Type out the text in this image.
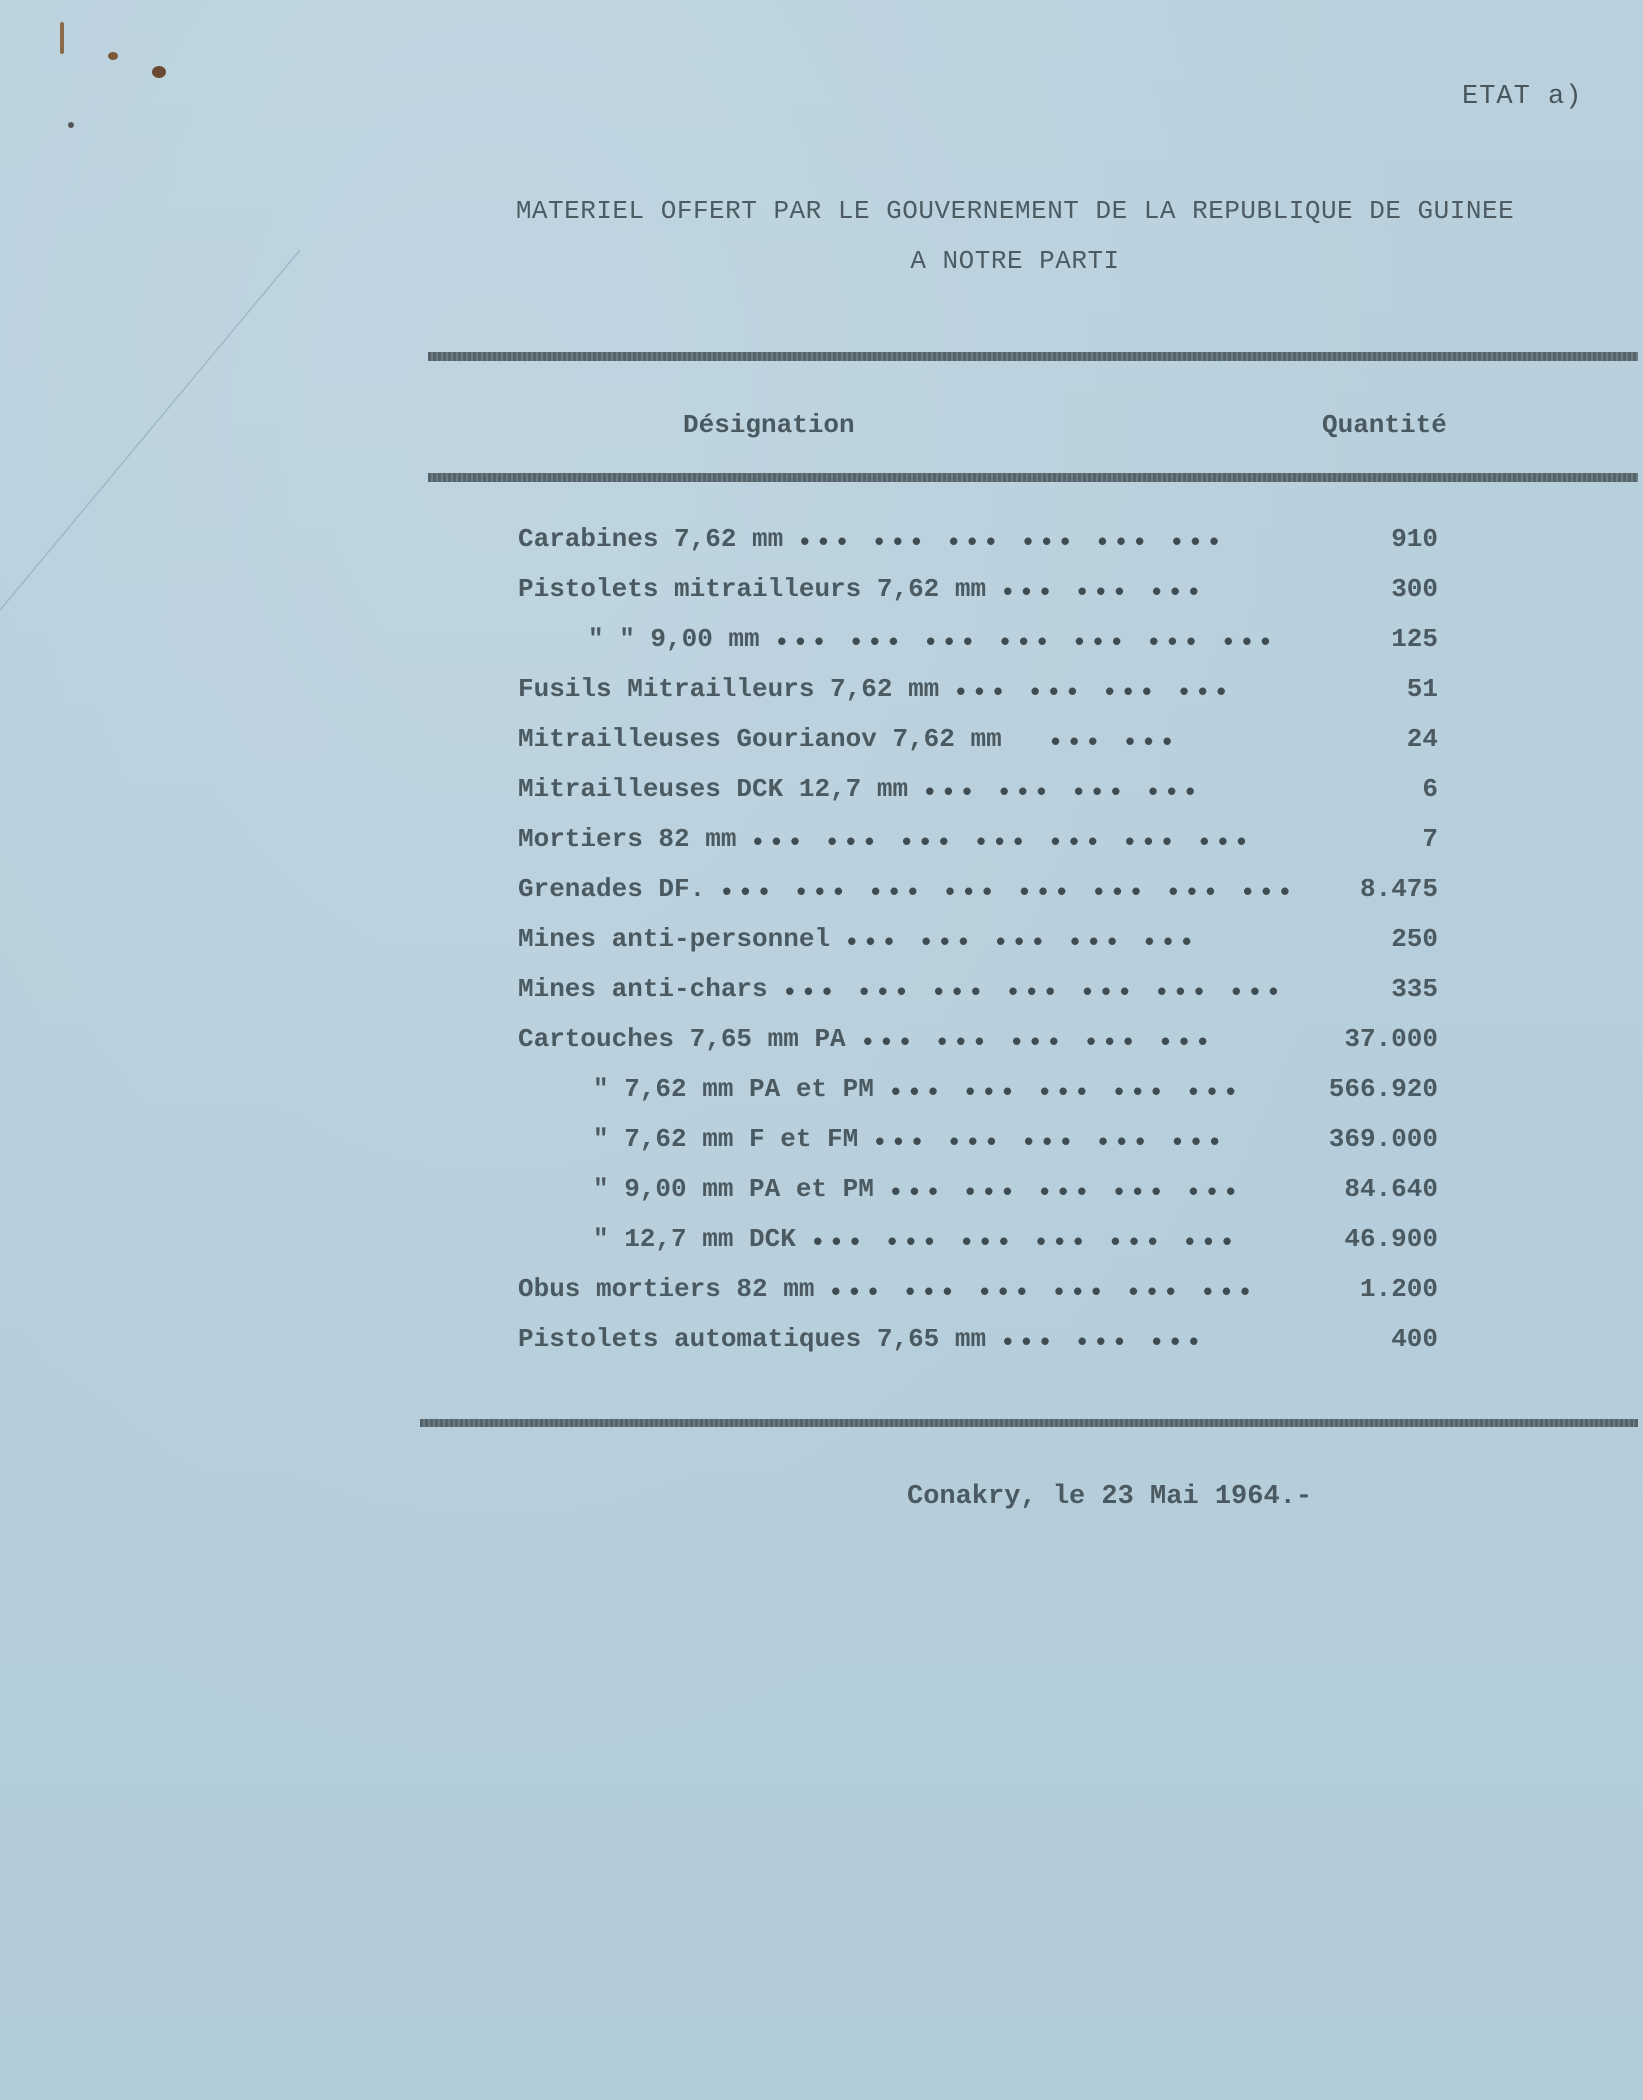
ETAT a)
MATERIEL OFFERT PAR LE GOUVERNEMENT DE LA REPUBLIQUE DE GUINEE
A NOTRE PARTI
Désignation	Quantité
Carabines 7,62 mm ••• ••• ••• ••• ••• •••	910
Pistolets mitrailleurs 7,62 mm ••• ••• •••	300
" " 9,00 mm ••• ••• ••• ••• ••• ••• •••	125
Fusils Mitrailleurs 7,62 mm ••• ••• ••• •••	51
Mitrailleuses Gourianov 7,62 mm	••• •••	24
Mitrailleuses DCK 12,7 mm ••• ••• ••• •••	6
Mortiers 82 mm ••• ••• ••• ••• ••• ••• •••	7
Grenades DF. ••• ••• ••• ••• ••• ••• ••• •••	8.475
Mines anti-personnel ••• ••• ••• ••• •••	250
Mines anti-chars ••• ••• ••• ••• ••• ••• •••	335
Cartouches 7,65 mm PA ••• ••• ••• ••• •••	37.000
" 7,62 mm PA et PM ••• ••• ••• ••• •••	566.920
" 7,62 mm F et FM ••• ••• ••• ••• •••	369.000
" 9,00 mm PA et PM ••• ••• ••• ••• •••	84.640
" 12,7 mm DCK ••• ••• ••• ••• ••• •••	46.900
Obus mortiers 82 mm ••• ••• ••• ••• ••• •••	1.200
Pistolets automatiques 7,65 mm ••• ••• •••	400
Conakry, le 23 Mai 1964.-
